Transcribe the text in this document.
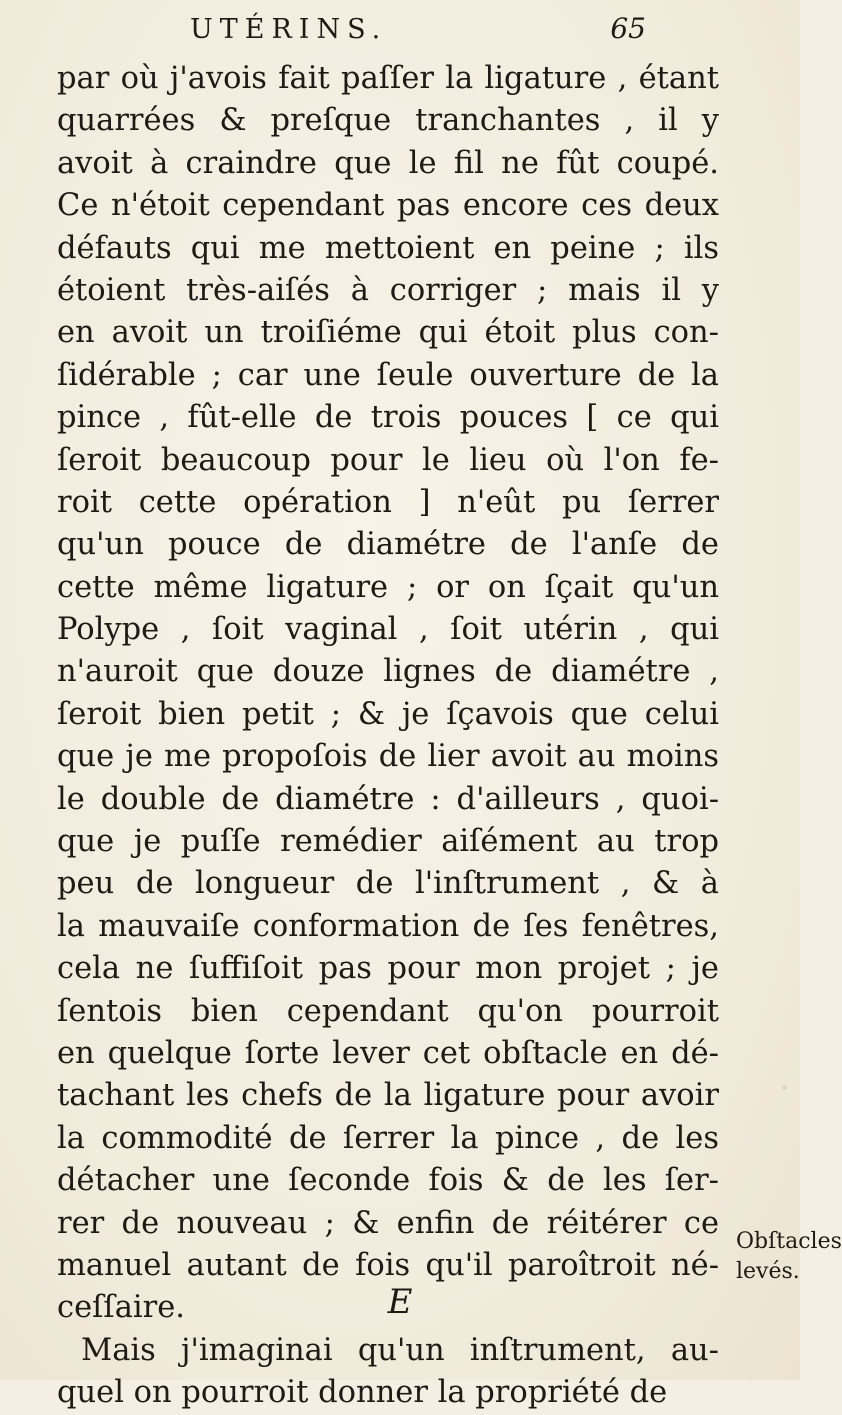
UTÉRINS.	65
par où j'avois fait paſſer la ligature , étant
quarrées & preſque tranchantes , il y
avoit à craindre que le fil ne fût coupé.
Ce n'étoit cependant pas encore ces deux
défauts qui me mettoient en peine ; ils
étoient très-aiſés à corriger ; mais il y
en avoit un troiſiéme qui étoit plus con-
ſidérable ; car une ſeule ouverture de la
pince , fût-elle de trois pouces [ ce qui
ſeroit beaucoup pour le lieu où l'on fe-
roit cette opération ] n'eût pu ſerrer
qu'un pouce de diamétre de l'anſe de
cette même ligature ; or on ſçait qu'un
Polype , ſoit vaginal , ſoit utérin , qui
n'auroit que douze lignes de diamétre ,
ſeroit bien petit ; & je ſçavois que celui
que je me propoſois de lier avoit au moins
le double de diamétre : d'ailleurs , quoi-
que je puſſe remédier aiſément au trop
peu de longueur de l'inſtrument , & à
la mauvaiſe conformation de ſes fenêtres,
cela ne ſuffiſoit pas pour mon projet ; je
ſentois bien cependant qu'on pourroit
en quelque ſorte lever cet obſtacle en dé-
tachant les chefs de la ligature pour avoir
la commodité de ſerrer la pince , de les
détacher une ſeconde fois & de les ſer-
rer de nouveau ; & enfin de réitérer ce
manuel autant de fois qu'il paroîtroit né-
ceſſaire.
Mais j'imaginai qu'un inſtrument, au-
quel on pourroit donner la propriété de
Obſtacles
levés.
E
